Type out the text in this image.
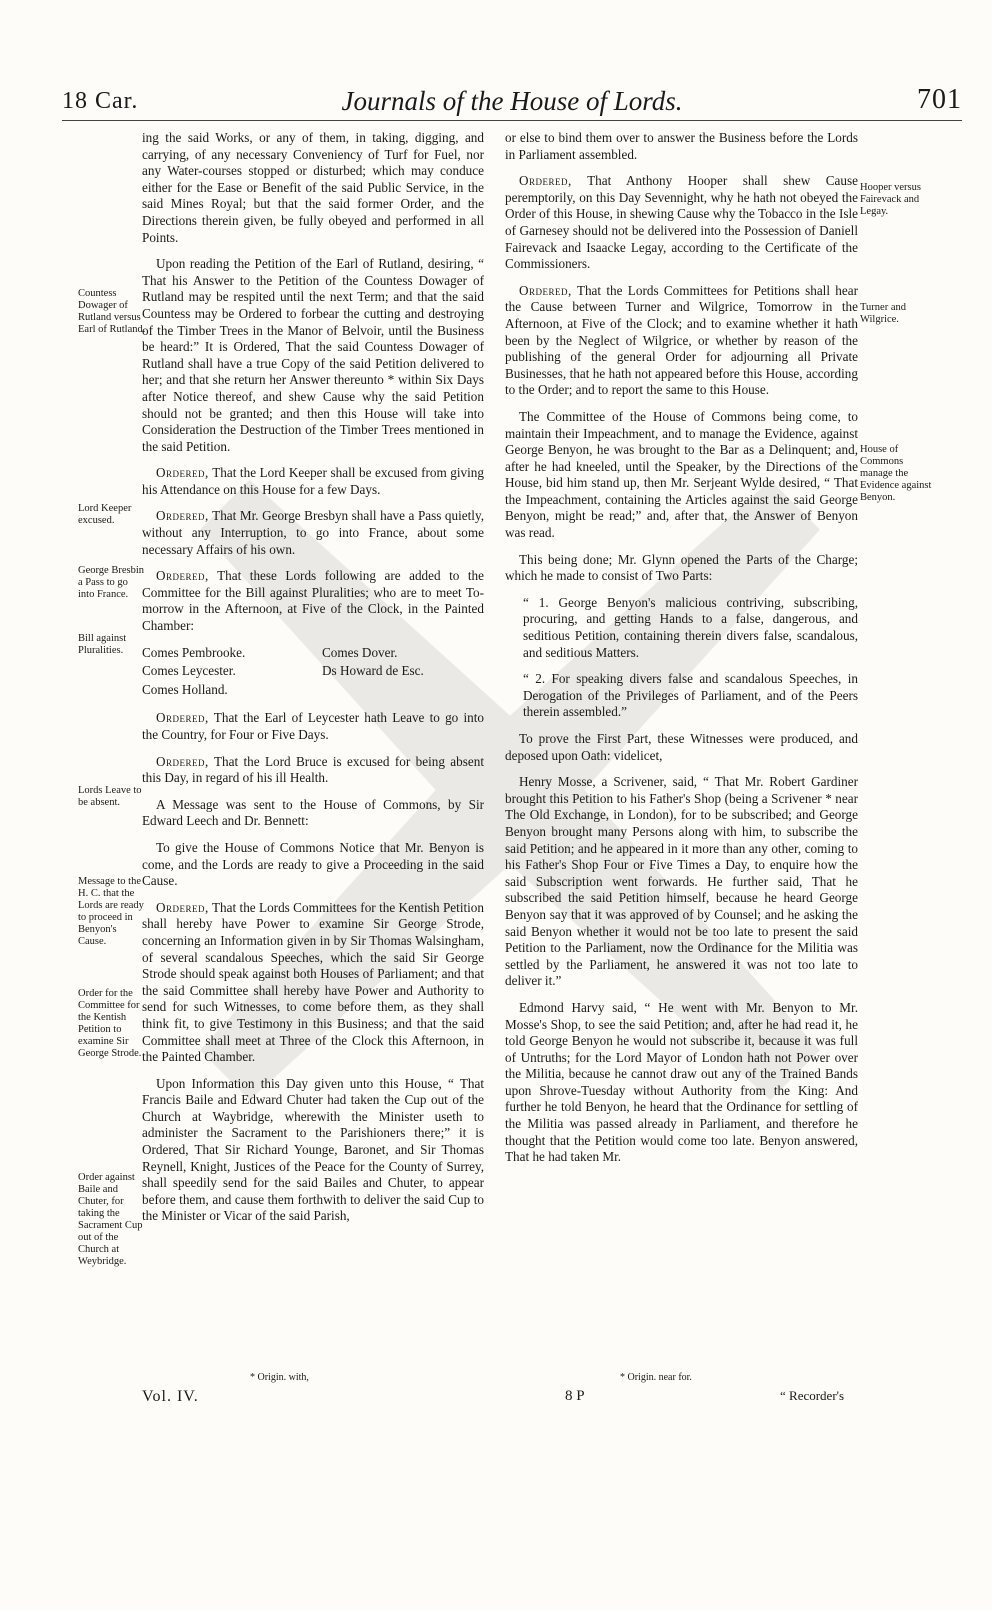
18 Car.	Journals of the House of Lords.	701
Countess Dowager of Rutland versus Earl of Rutland.
Lord Keeper excused.
George Bresbin a Pass to go into France.
Bill against Pluralities.
Lords Leave to be absent.
Message to the H. C. that the Lords are ready to proceed in Benyon's Cause.
Order for the Committee for the Kentish Petition to examine Sir George Strode.
Order against Baile and Chuter, for taking the Sacrament Cup out of the Church at Weybridge.
Hooper versus Fairevack and Legay.
Turner and Wilgrice.
House of Commons manage the Evidence against Benyon.

ing the said Works, or any of them, in taking, digging, and carrying, of any necessary Conveniency of Turf for Fuel, nor any Water-courses stopped or disturbed; which may conduce either for the Ease or Benefit of the said Public Service, in the said Mines Royal; but that the said former Order, and the Directions therein given, be fully obeyed and performed in all Points.

Upon reading the Petition of the Earl of Rutland, desiring, “ That his Answer to the Petition of the Countess Dowager of Rutland may be respited until the next Term; and that the said Countess may be Ordered to forbear the cutting and destroying of the Timber Trees in the Manor of Belvoir, until the Business be heard:” It is Ordered, That the said Countess Dowager of Rutland shall have a true Copy of the said Petition delivered to her; and that she return her Answer thereunto * within Six Days after Notice thereof, and shew Cause why the said Petition should not be granted; and then this House will take into Consideration the Destruction of the Timber Trees mentioned in the said Petition.

Ordered, That the Lord Keeper shall be excused from giving his Attendance on this House for a few Days.

Ordered, That Mr. George Bresbyn shall have a Pass quietly, without any Interruption, to go into France, about some necessary Affairs of his own.

Ordered, That these Lords following are added to the Committee for the Bill against Pluralities; who are to meet To-morrow in the Afternoon, at Five of the Clock, in the Painted Chamber:

Comes Pembrooke.	Comes Dover.
Comes Leycester.	Ds Howard de Esc.
Comes Holland.

Ordered, That the Earl of Leycester hath Leave to go into the Country, for Four or Five Days.

Ordered, That the Lord Bruce is excused for being absent this Day, in regard of his ill Health.

A Message was sent to the House of Commons, by Sir Edward Leech and Dr. Bennett:

To give the House of Commons Notice that Mr. Benyon is come, and the Lords are ready to give a Proceeding in the said Cause.

Ordered, That the Lords Committees for the Kentish Petition shall hereby have Power to examine Sir George Strode, concerning an Information given in by Sir Thomas Walsingham, of several scandalous Speeches, which the said Sir George Strode should speak against both Houses of Parliament; and that the said Committee shall hereby have Power and Authority to send for such Witnesses, to come before them, as they shall think fit, to give Testimony in this Business; and that the said Committee shall meet at Three of the Clock this Afternoon, in the Painted Chamber.

Upon Information this Day given unto this House, “ That Francis Baile and Edward Chuter had taken the Cup out of the Church at Waybridge, wherewith the Minister useth to administer the Sacrament to the Parishioners there;” it is Ordered, That Sir Richard Younge, Baronet, and Sir Thomas Reynell, Knight, Justices of the Peace for the County of Surrey, shall speedily send for the said Bailes and Chuter, to appear before them, and cause them forthwith to deliver the said Cup to the Minister or Vicar of the said Parish,

or else to bind them over to answer the Business before the Lords in Parliament assembled.

Ordered, That Anthony Hooper shall shew Cause peremptorily, on this Day Sevennight, why he hath not obeyed the Order of this House, in shewing Cause why the Tobacco in the Isle of Garnesey should not be delivered into the Possession of Daniell Fairevack and Isaacke Legay, according to the Certificate of the Commissioners.

Ordered, That the Lords Committees for Petitions shall hear the Cause between Turner and Wilgrice, Tomorrow in the Afternoon, at Five of the Clock; and to examine whether it hath been by the Neglect of Wilgrice, or whether by reason of the publishing of the general Order for adjourning all Private Businesses, that he hath not appeared before this House, according to the Order; and to report the same to this House.

The Committee of the House of Commons being come, to maintain their Impeachment, and to manage the Evidence, against George Benyon, he was brought to the Bar as a Delinquent; and, after he had kneeled, until the Speaker, by the Directions of the House, bid him stand up, then Mr. Serjeant Wylde desired, “ That the Impeachment, containing the Articles against the said George Benyon, might be read;” and, after that, the Answer of Benyon was read.

This being done; Mr. Glynn opened the Parts of the Charge; which he made to consist of Two Parts:

“ 1. George Benyon's malicious contriving, subscribing, procuring, and getting Hands to a false, dangerous, and seditious Petition, containing therein divers false, scandalous, and seditious Matters.

“ 2. For speaking divers false and scandalous Speeches, in Derogation of the Privileges of Parliament, and of the Peers therein assembled.”

To prove the First Part, these Witnesses were produced, and deposed upon Oath: videlicet,

Henry Mosse, a Scrivener, said, “ That Mr. Robert Gardiner brought this Petition to his Father's Shop (being a Scrivener * near The Old Exchange, in London), for to be subscribed; and George Benyon brought many Persons along with him, to subscribe the said Petition; and he appeared in it more than any other, coming to his Father's Shop Four or Five Times a Day, to enquire how the said Subscription went forwards. He further said, That he subscribed the said Petition himself, because he heard George Benyon say that it was approved of by Counsel; and he asking the said Benyon whether it would not be too late to present the said Petition to the Parliament, now the Ordinance for the Militia was settled by the Parliament, he answered it was not too late to deliver it.”

Edmond Harvy said, “ He went with Mr. Benyon to Mr. Mosse's Shop, to see the said Petition; and, after he had read it, he told George Benyon he would not subscribe it, because it was full of Untruths; for the Lord Mayor of London hath not Power over the Militia, because he cannot draw out any of the Trained Bands upon Shrove-Tuesday without Authority from the King: And further he told Benyon, he heard that the Ordinance for settling of the Militia was passed already in Parliament, and therefore he thought that the Petition would come too late. Benyon answered, That he had taken Mr.

Vol. IV.
* Origin. with,	* Origin. near for.
8 P	“ Recorder's
